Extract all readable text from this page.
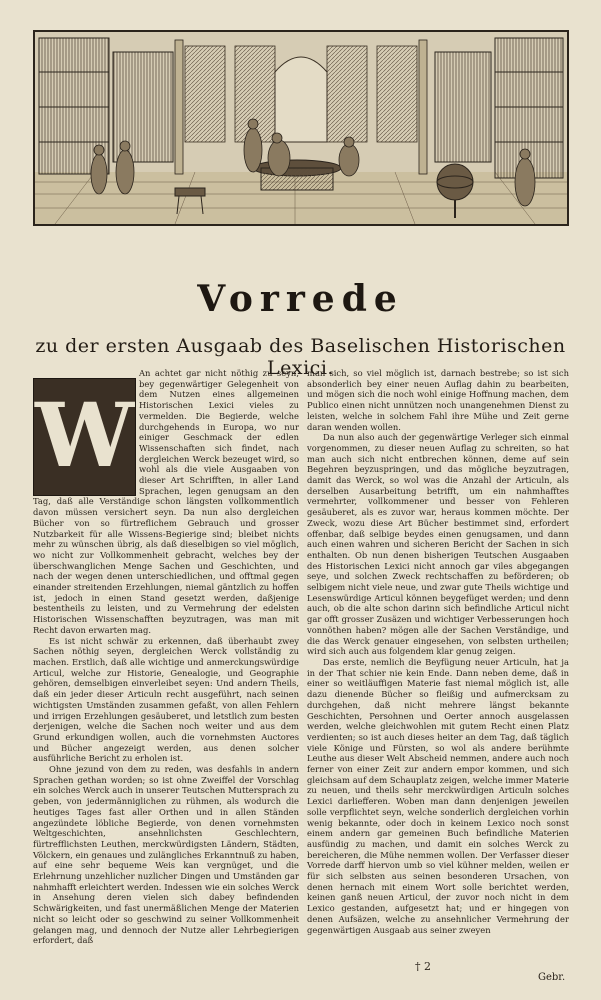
Vorrede
zu der ersten Ausgaab des Baselischen Historischen Lexici.

An achtet gar nicht nöthig zu seyn, bey gegenwärtiger Gelegenheit von dem Nutzen eines allgemeinen Historischen Lexici vieles zu vermelden. Die Begierde, welche durchgehends in Europa, wo nur einiger Geschmack der edlen Wissenschaften sich findet, nach dergleichen Werck bezeuget wird, so wohl als die viele Ausgaaben von dieser Art Schrifften, in aller Land Sprachen, legen genugsam an den Tag, daß alle Verständige schon längsten vollkommentlich davon müssen versichert seyn. Da nun also dergleichen Bücher von so fürtreflichem Gebrauch und grosser Nutzbarkeit für alle Wissens-Begierige sind; bleibet nichts mehr zu wünschen übrig, als daß dieselbigen so viel möglich, wo nicht zur Vollkommenheit gebracht, welches bey der überschwanglichen Menge Sachen und Geschichten, und nach der wegen denen unterschiedlichen, und offtmal gegen einander streitenden Erzehlungen, niemal gäntzlich zu hoffen ist, jedoch in einen Stand gesetzt werden, daßjenige bestentheils zu leisten, und zu Vermehrung der edelsten Historischen Wissenschafften beyzutragen, was man mit Recht davon erwarten mag.

Es ist nicht schwär zu erkennen, daß überhaubt zwey Sachen nöthig seyen, dergleichen Werck vollständig zu machen. Erstlich, daß alle wichtige und anmerckungswürdige Articul, welche zur Historie, Genealogie, und Geographie gehören, demselbigen einverleibet seyen: Und andern Theils, daß ein jeder dieser Articuln recht ausgeführt, nach seinen wichtigsten Umständen zusammen gefaßt, von allen Fehlern und irrigen Erzehlungen gesäuberet, und letstlich zum besten derjenigen, welche die Sachen noch weiter und aus dem Grund erkundigen wollen, auch die vornehmsten Auctores und Bücher angezeigt werden, aus denen solcher ausführliche Bericht zu erholen ist.

Ohne jezund von dem zu reden, was desfahls in andern Sprachen gethan worden; so ist ohne Zweiffel der Vorschlag ein solches Werck auch in unserer Teutschen Muttersprach zu geben, von jedermänniglichen zu rühmen, als wodurch die heutiges Tages fast aller Orthen und in allen Ständen angezündete löbliche Begierde, von denen vornehmsten Weltgeschichten, ansehnlichsten Geschlechtern, fürtrefflichsten Leuthen, merckwürdigsten Ländern, Städten, Völckern, ein genaues und zulängliches Erkanntnuß zu haben, auf eine sehr bequeme Weis kan vergnüget, und die Erlehrnung unzehlicher nuzlicher Dingen und Umständen gar nahmhafft erleichtert werden. Indessen wie ein solches Werck in Ansehung deren vielen sich dabey befindenden Schwärigkeiten, und fast unermäßlichen Menge der Materien nicht so leicht oder so geschwind zu seiner Vollkommenheit gelangen mag, und dennoch der Nutze aller Lehrbegierigen erfordert, daß

W

man sich, so viel möglich ist, darnach bestrebe; so ist sich absonderlich bey einer neuen Auflag dahin zu bearbeiten, und mögen sich die noch wohl einige Hoffnung machen, dem Publico einen nicht unnützen noch unangenehmen Dienst zu leisten, welche in solchem Fahl ihre Mühe und Zeit gerne daran wenden wollen.

Da nun also auch der gegenwärtige Verleger sich einmal vorgenommen, zu dieser neuen Auflag zu schreiten, so hat man auch sich nicht entbrechen können, deme auf sein Begehren beyzuspringen, und das mögliche beyzutragen, damit das Werck, so wol was die Anzahl der Articuln, als derselben Ausarbeitung betrifft, um ein nahmhafftes vermehrter, vollkommener und besser von Fehleren gesäuberet, als es zuvor war, heraus kommen möchte. Der Zweck, wozu diese Art Bücher bestimmet sind, erfordert offenbar, daß selbige beydes einen genugsamen, und dann auch einen wahren und sicheren Bericht der Sachen in sich enthalten. Ob nun denen bisherigen Teutschen Ausgaaben des Historischen Lexici nicht annoch gar viles abgegangen seye, und solchen Zweck rechtschaffen zu beförderen; ob selbigem nicht viele neue, und zwar gute Theils wichtige und Lesenswürdige Articul können beygefüget werden; und denn auch, ob die alte schon darinn sich befindliche Articul nicht gar offt grosser Zusäzen und wichtiger Verbesserungen hoch vonnöthen haben? mögen alle der Sachen Verständige, und die das Werck genauer eingesehen, von selbsten urtheilen; wird sich auch aus folgendem klar genug zeigen.

Das erste, nemlich die Beyfügung neuer Articuln, hat ja in der That schier nie kein Ende. Dann neben deme, daß in einer so weitläuffigen Materie fast niemal möglich ist, alle dazu dienende Bücher so fleißig und aufmercksam zu durchgehen, daß nicht mehrere längst bekannte Geschichten, Persohnen und Oerter annoch ausgelassen werden, welche gleichwohlen mit gutem Recht einen Platz verdienten; so ist auch dieses heiter an dem Tag, daß täglich viele Könige und Fürsten, so wol als andere berühmte Leuthe aus dieser Welt Abscheid nemmen, andere auch noch ferner von einer Zeit zur andern empor kommen, und sich gleichsam auf dem Schauplatz zeigen, welche immer Materie zu neuen, und theils sehr merckwürdigen Articuln solches Lexici darliefferen. Woben man dann denjenigen jeweilen solle verpflichtet seyn, welche sonderlich dergleichen vorhin wenig bekannte, oder doch in keinem Lexico noch sonst einem andern gar gemeinen Buch befindliche Materien ausfündig zu machen, und damit ein solches Werck zu bereicheren, die Mühe nemmen wollen. Der Verfasser dieser Vorrede darff hiervon umb so viel kühner melden, weilen er für sich selbsten aus seinen besonderen Ursachen, von denen hernach mit einem Wort solle berichtet werden, keinen ganß neuen Articul, der zuvor noch nicht in dem Lexico gestanden, aufgesetzt hat; und er hingegen von denen Aufsäzen, welche zu ansehnlicher Vermehrung der gegenwärtigen Ausgaab aus seiner zweyen

† 2
Gebr.
